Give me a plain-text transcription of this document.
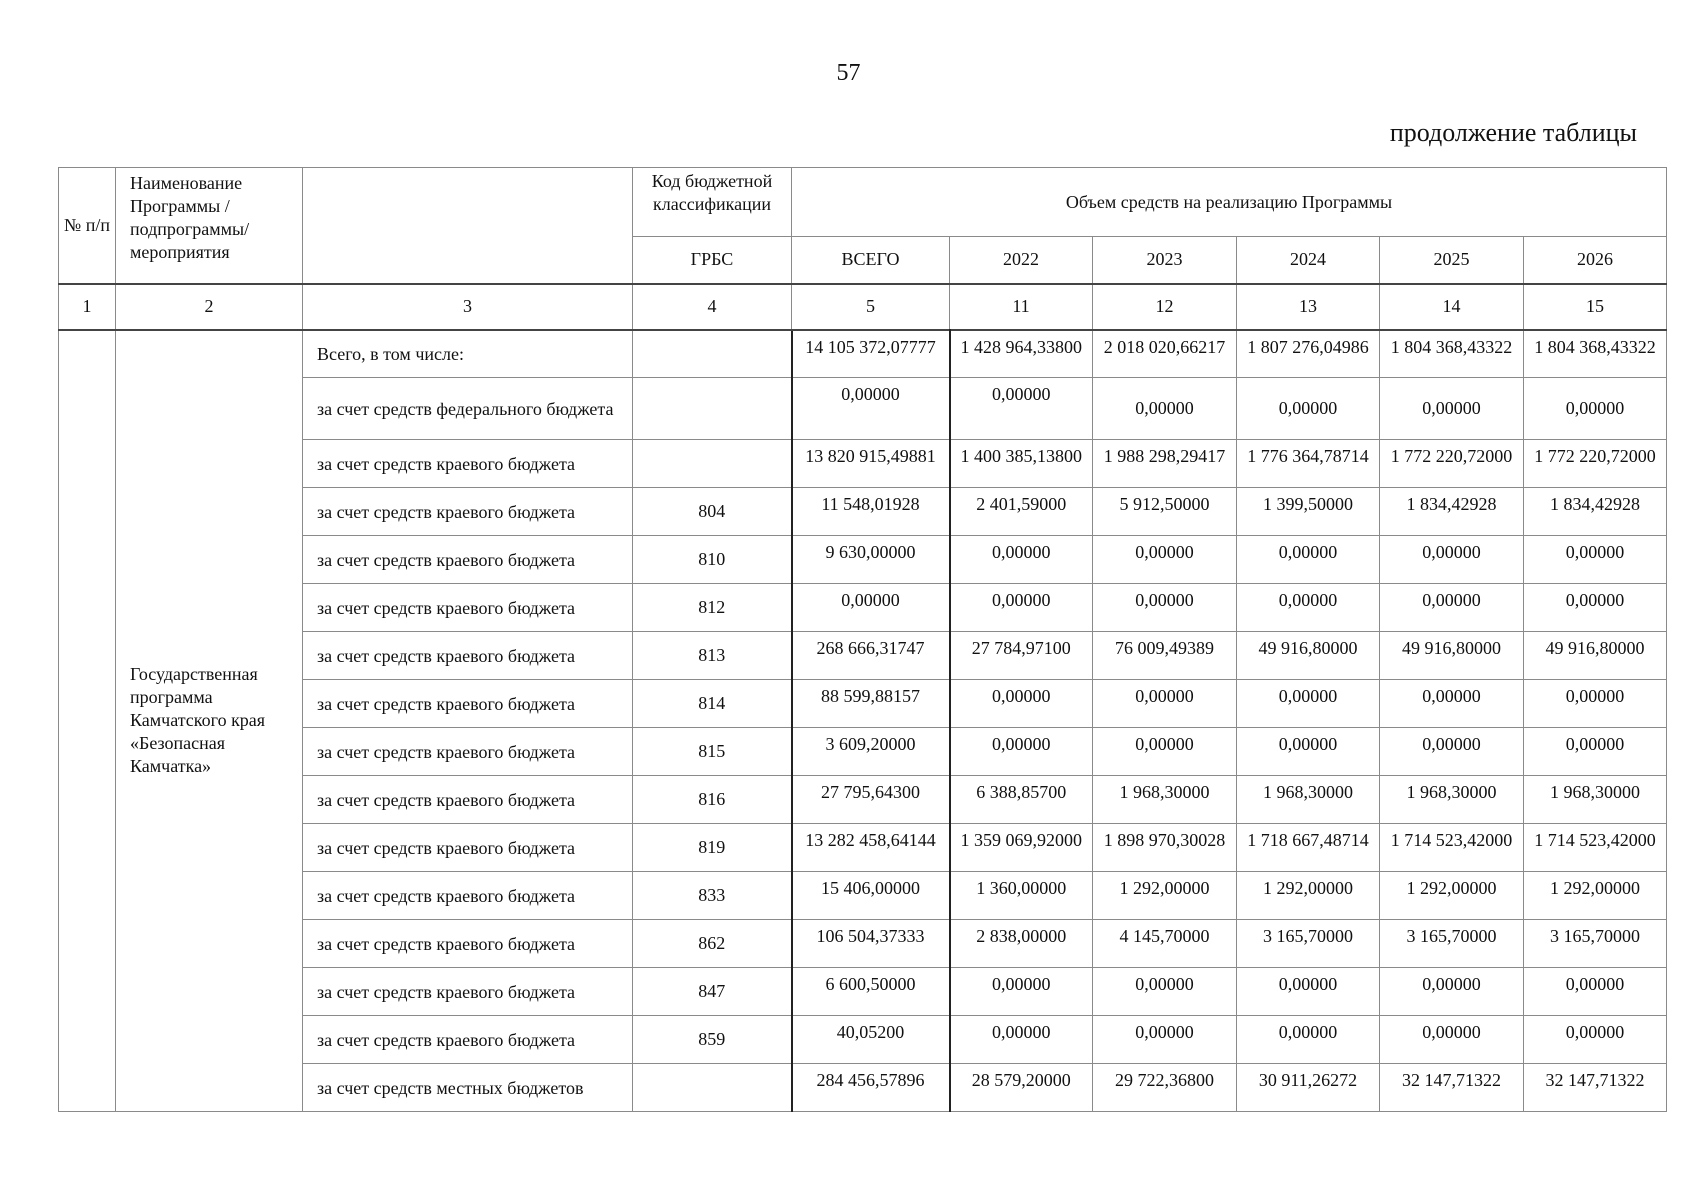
57
продолжение таблицы
№ п/п	Наименование Программы /подпрограммы/ мероприятия		Код бюджетной классификации	Объем средств на реализацию Программы					
			ГРБС	ВСЕГО	2022	2023	2024	2025	2026
1	2	3	4	5	11	12	13	14	15
	Государственная программа Камчатского края «Безопасная Камчатка»	Всего, в том числе:		14 105 372,07777	1 428 964,33800	2 018 020,66217	1 807 276,04986	1 804 368,43322	1 804 368,43322
		за счет средств федерального бюджета		0,00000	0,00000	0,00000	0,00000	0,00000	0,00000
		за счет средств краевого бюджета		13 820 915,49881	1 400 385,13800	1 988 298,29417	1 776 364,78714	1 772 220,72000	1 772 220,72000
		за счет средств краевого бюджета	804	11 548,01928	2 401,59000	5 912,50000	1 399,50000	1 834,42928	1 834,42928
		за счет средств краевого бюджета	810	9 630,00000	0,00000	0,00000	0,00000	0,00000	0,00000
		за счет средств краевого бюджета	812	0,00000	0,00000	0,00000	0,00000	0,00000	0,00000
		за счет средств краевого бюджета	813	268 666,31747	27 784,97100	76 009,49389	49 916,80000	49 916,80000	49 916,80000
		за счет средств краевого бюджета	814	88 599,88157	0,00000	0,00000	0,00000	0,00000	0,00000
		за счет средств краевого бюджета	815	3 609,20000	0,00000	0,00000	0,00000	0,00000	0,00000
		за счет средств краевого бюджета	816	27 795,64300	6 388,85700	1 968,30000	1 968,30000	1 968,30000	1 968,30000
		за счет средств краевого бюджета	819	13 282 458,64144	1 359 069,92000	1 898 970,30028	1 718 667,48714	1 714 523,42000	1 714 523,42000
		за счет средств краевого бюджета	833	15 406,00000	1 360,00000	1 292,00000	1 292,00000	1 292,00000	1 292,00000
		за счет средств краевого бюджета	862	106 504,37333	2 838,00000	4 145,70000	3 165,70000	3 165,70000	3 165,70000
		за счет средств краевого бюджета	847	6 600,50000	0,00000	0,00000	0,00000	0,00000	0,00000
		за счет средств краевого бюджета	859	40,05200	0,00000	0,00000	0,00000	0,00000	0,00000
		за счет средств местных бюджетов		284 456,57896	28 579,20000	29 722,36800	30 911,26272	32 147,71322	32 147,71322
